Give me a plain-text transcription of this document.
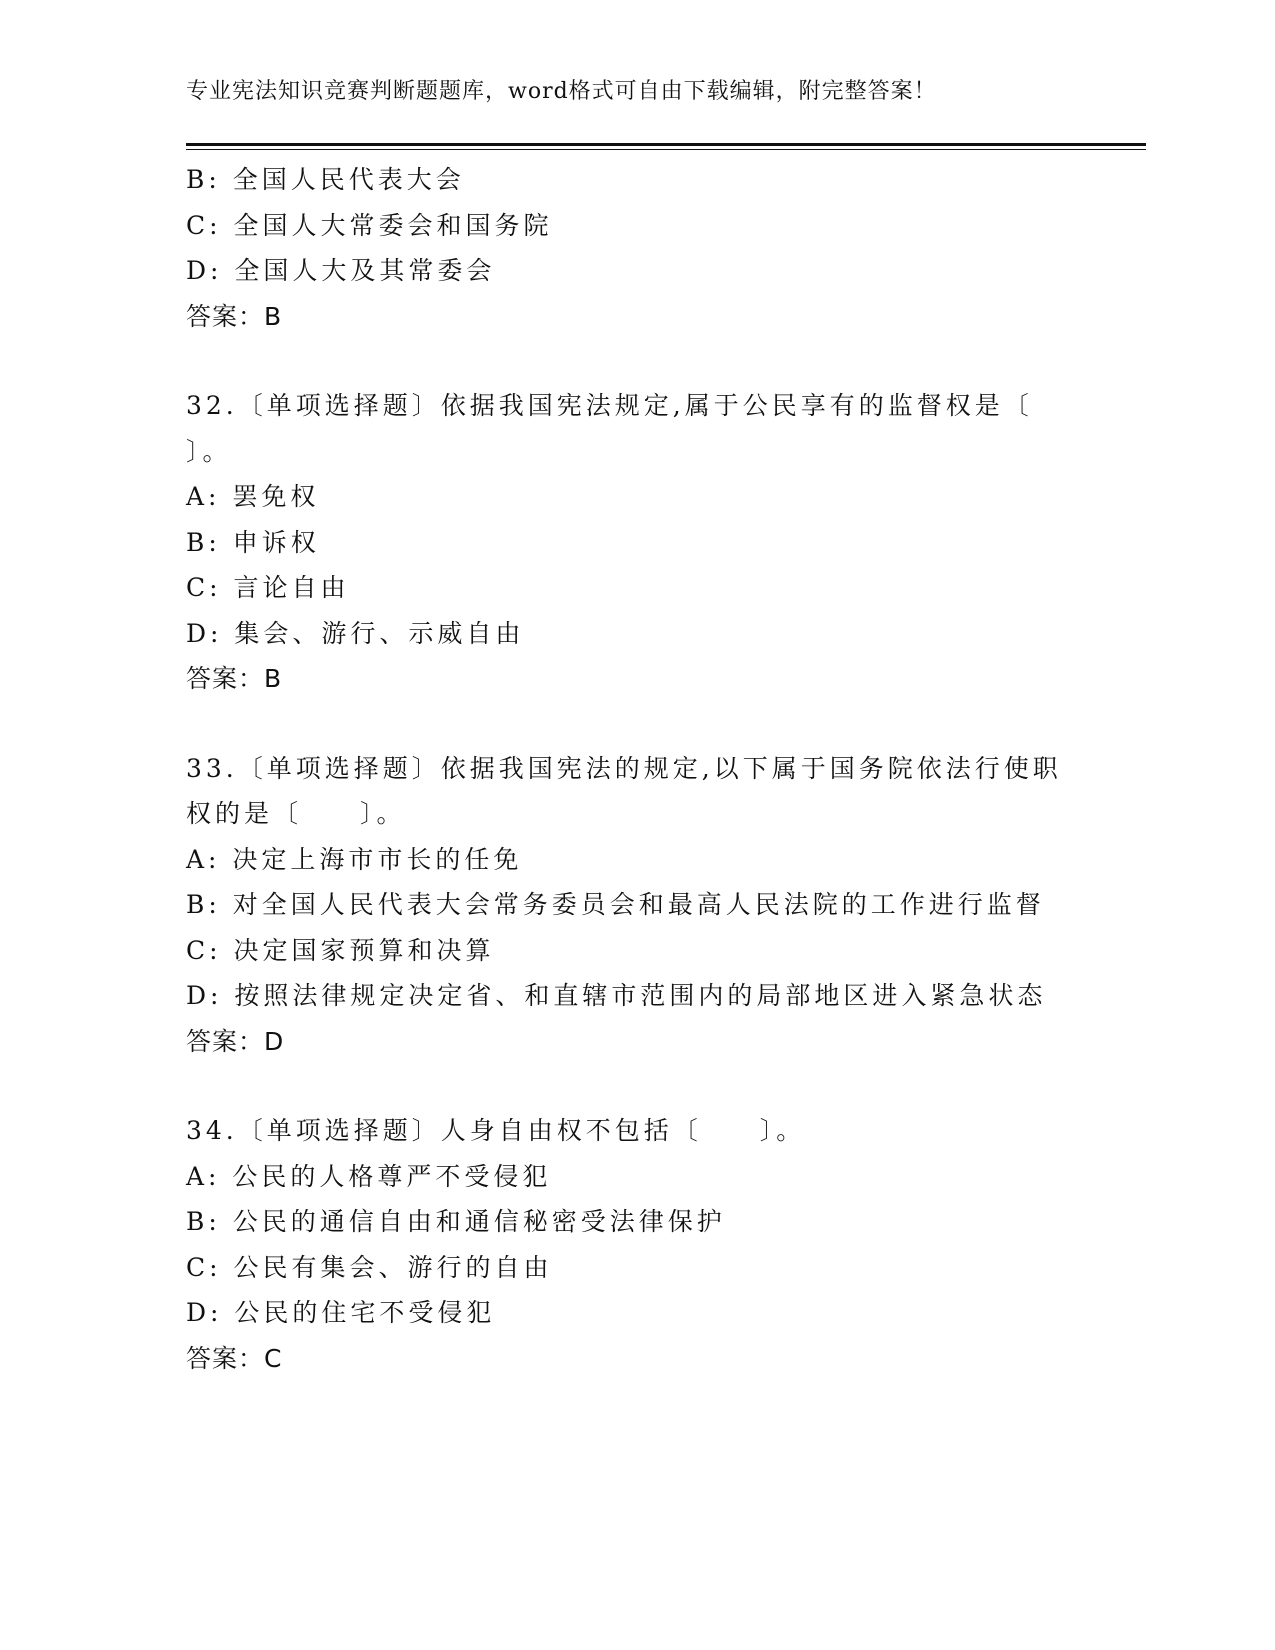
专业宪法知识竞赛判断题题库，word格式可自由下载编辑，附完整答案！
B: 全国人民代表大会
C: 全国人大常委会和国务院
D: 全国人大及其常委会
答案：B
32.〔单项选择题〕依据我国宪法规定,属于公民享有的监督权是〔
〕。
A: 罢免权
B: 申诉权
C: 言论自由
D: 集会、游行、示威自由
答案：B
33.〔单项选择题〕依据我国宪法的规定,以下属于国务院依法行使职
权的是〔　　〕。
A: 决定上海市市长的任免
B: 对全国人民代表大会常务委员会和最高人民法院的工作进行监督
C: 决定国家预算和决算
D: 按照法律规定决定省、和直辖市范围内的局部地区进入紧急状态
答案：D
34.〔单项选择题〕人身自由权不包括〔　　〕。
A: 公民的人格尊严不受侵犯
B: 公民的通信自由和通信秘密受法律保护
C: 公民有集会、游行的自由
D: 公民的住宅不受侵犯
答案：C
